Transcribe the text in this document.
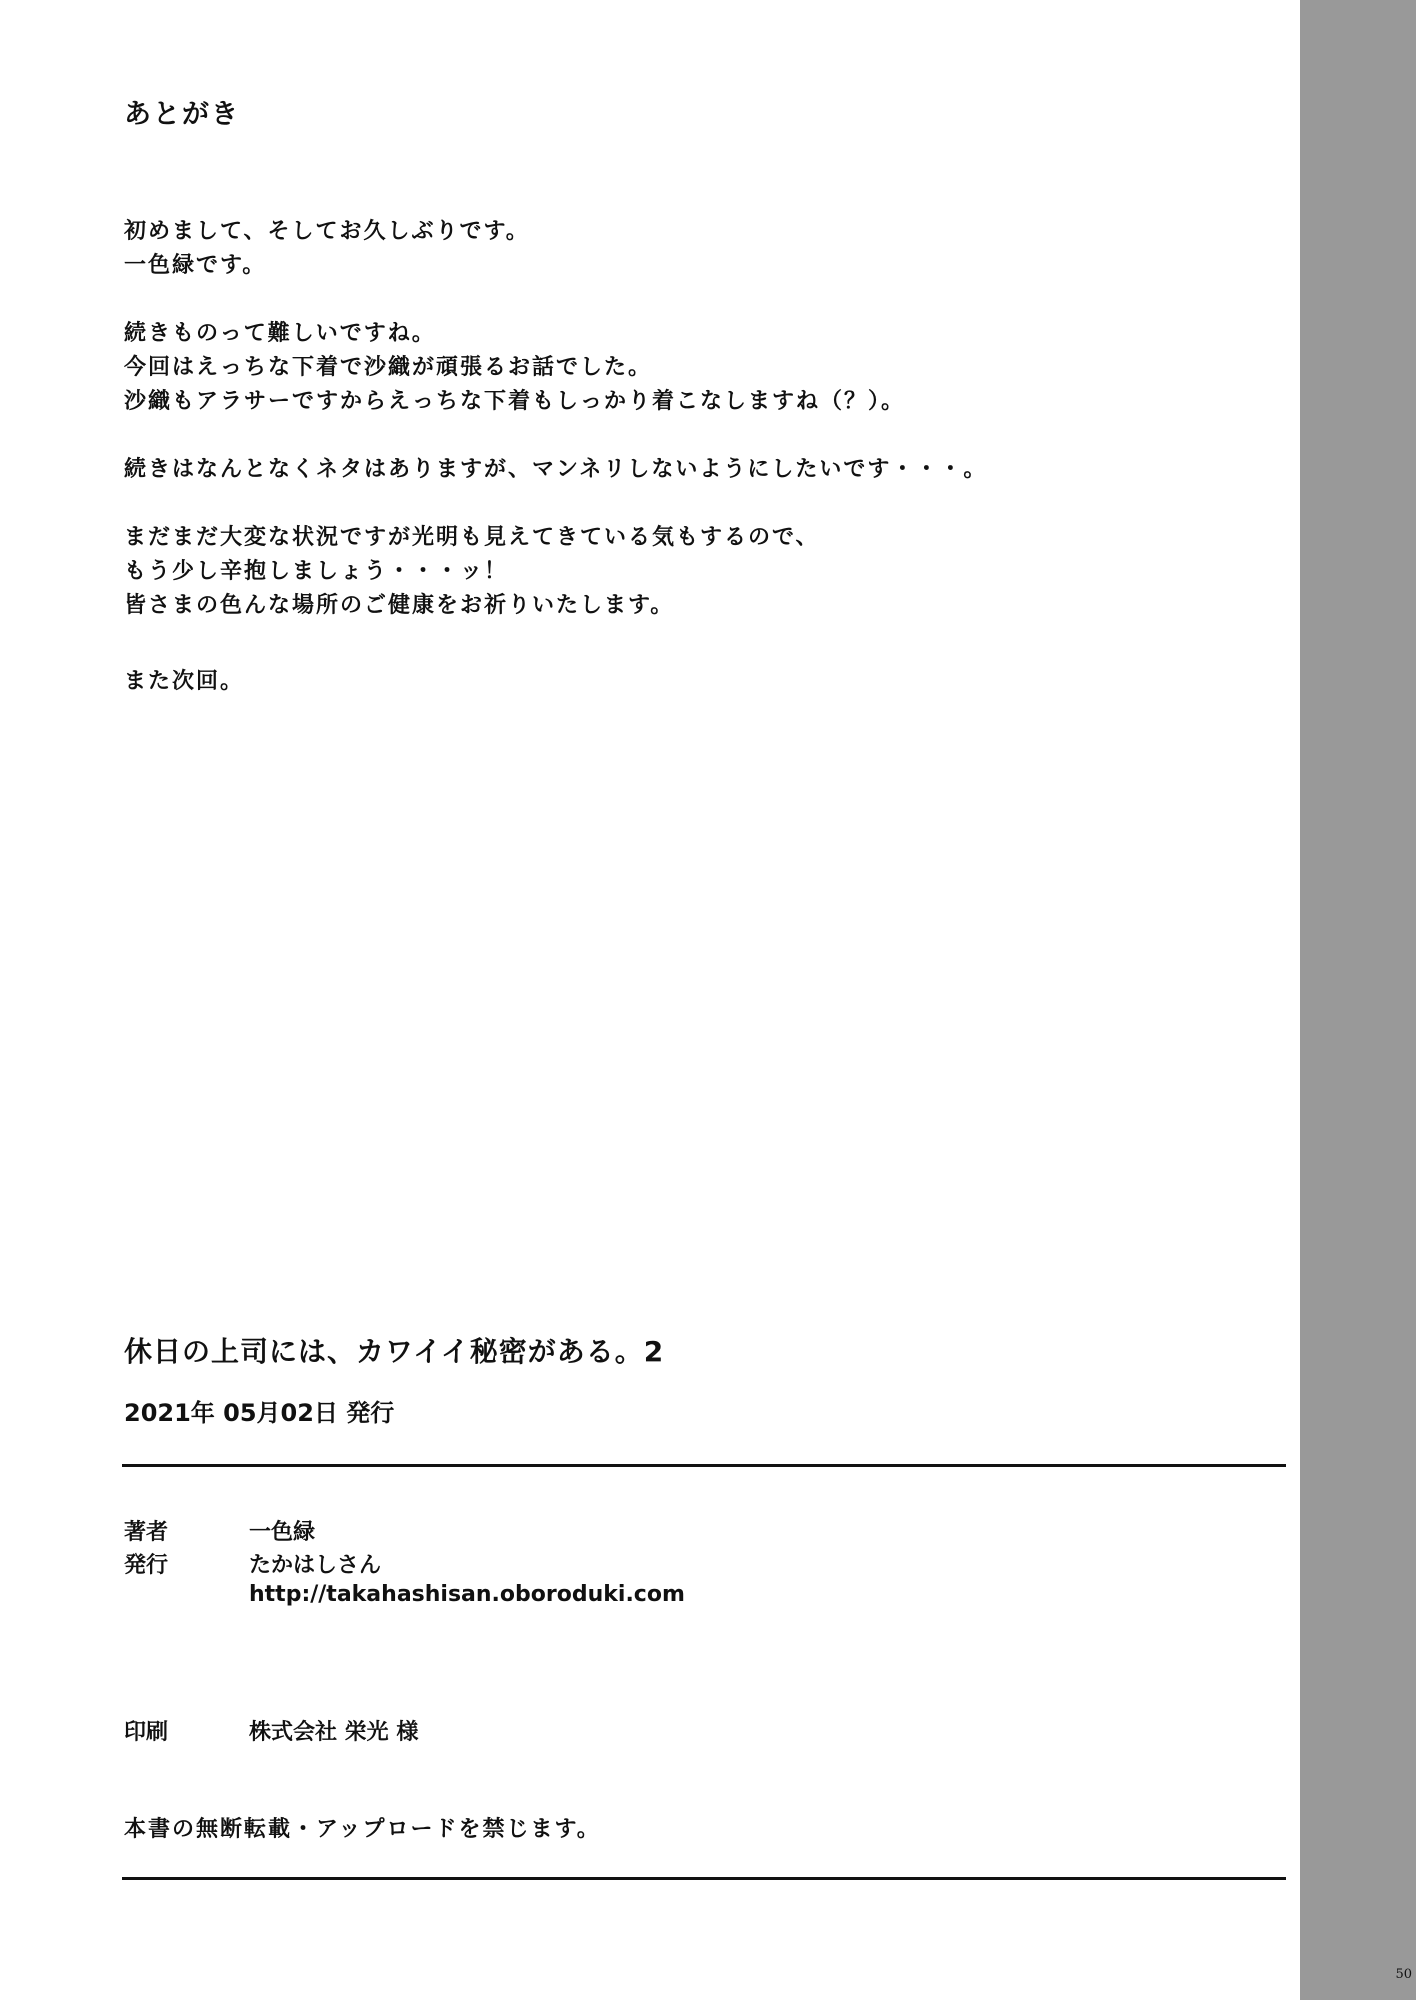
あとがき
初めまして、そしてお久しぶりです。
一色緑です。
続きものって難しいですね。
今回はえっちな下着で沙織が頑張るお話でした。
沙織もアラサーですからえっちな下着もしっかり着こなしますね（？）。
続きはなんとなくネタはありますが、マンネリしないようにしたいです・・・。
まだまだ大変な状況ですが光明も見えてきている気もするので、
もう少し辛抱しましょう・・・ッ！
皆さまの色んな場所のご健康をお祈りいたします。
また次回。
休日の上司には、カワイイ秘密がある。2
2021年 05月02日 発行
著者	一色緑
発行	たかはしさん
http://takahashisan.oboroduki.com
印刷	株式会社 栄光 様
本書の無断転載・アップロードを禁じます。
50
